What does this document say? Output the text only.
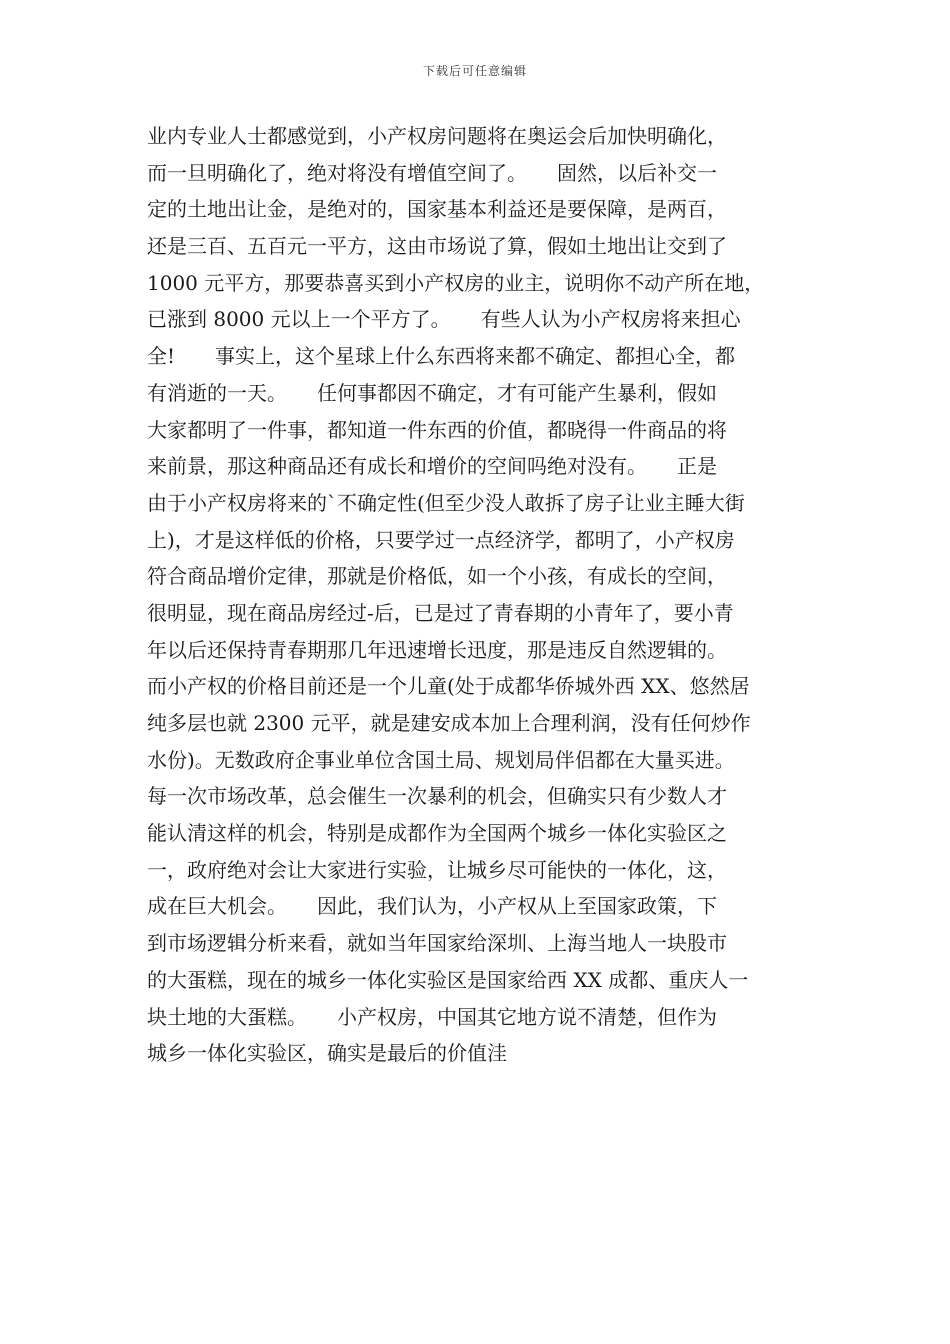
下载后可任意编辑
业内专业人士都感觉到，小产权房问题将在奥运会后加快明确化，
而一旦明确化了，绝对将没有增值空间了。　　固然，以后补交一
定的土地出让金，是绝对的，国家基本利益还是要保障，是两百，
还是三百、五百元一平方，这由市场说了算，假如土地出让交到了
1000 元平方，那要恭喜买到小产权房的业主，说明你不动产所在地，
已涨到 8000 元以上一个平方了。　　有些人认为小产权房将来担心
全!　　事实上，这个星球上什么东西将来都不确定、都担心全，都
有消逝的一天。　　任何事都因不确定，才有可能产生暴利，假如
大家都明了一件事，都知道一件东西的价值，都晓得一件商品的将
来前景，那这种商品还有成长和增价的空间吗绝对没有。　　正是
由于小产权房将来的`不确定性(但至少没人敢拆了房子让业主睡大街
上)，才是这样低的价格，只要学过一点经济学，都明了，小产权房
符合商品增价定律，那就是价格低，如一个小孩，有成长的空间，
很明显，现在商品房经过-后，已是过了青春期的小青年了，要小青
年以后还保持青春期那几年迅速增长迅度，那是违反自然逻辑的。
而小产权的价格目前还是一个儿童(处于成都华侨城外西 XX、悠然居
纯多层也就 2300 元平，就是建安成本加上合理利润，没有任何炒作
水份)。无数政府企事业单位含国土局、规划局伴侣都在大量买进。
每一次市场改革，总会催生一次暴利的机会，但确实只有少数人才
能认清这样的机会，特别是成都作为全国两个城乡一体化实验区之
一，政府绝对会让大家进行实验，让城乡尽可能快的一体化，这，
成在巨大机会。　　因此，我们认为，小产权从上至国家政策，下
到市场逻辑分析来看，就如当年国家给深圳、上海当地人一块股市
的大蛋糕，现在的城乡一体化实验区是国家给西 XX 成都、重庆人一
块土地的大蛋糕。　　小产权房，中国其它地方说不清楚，但作为
城乡一体化实验区，确实是最后的价值洼
